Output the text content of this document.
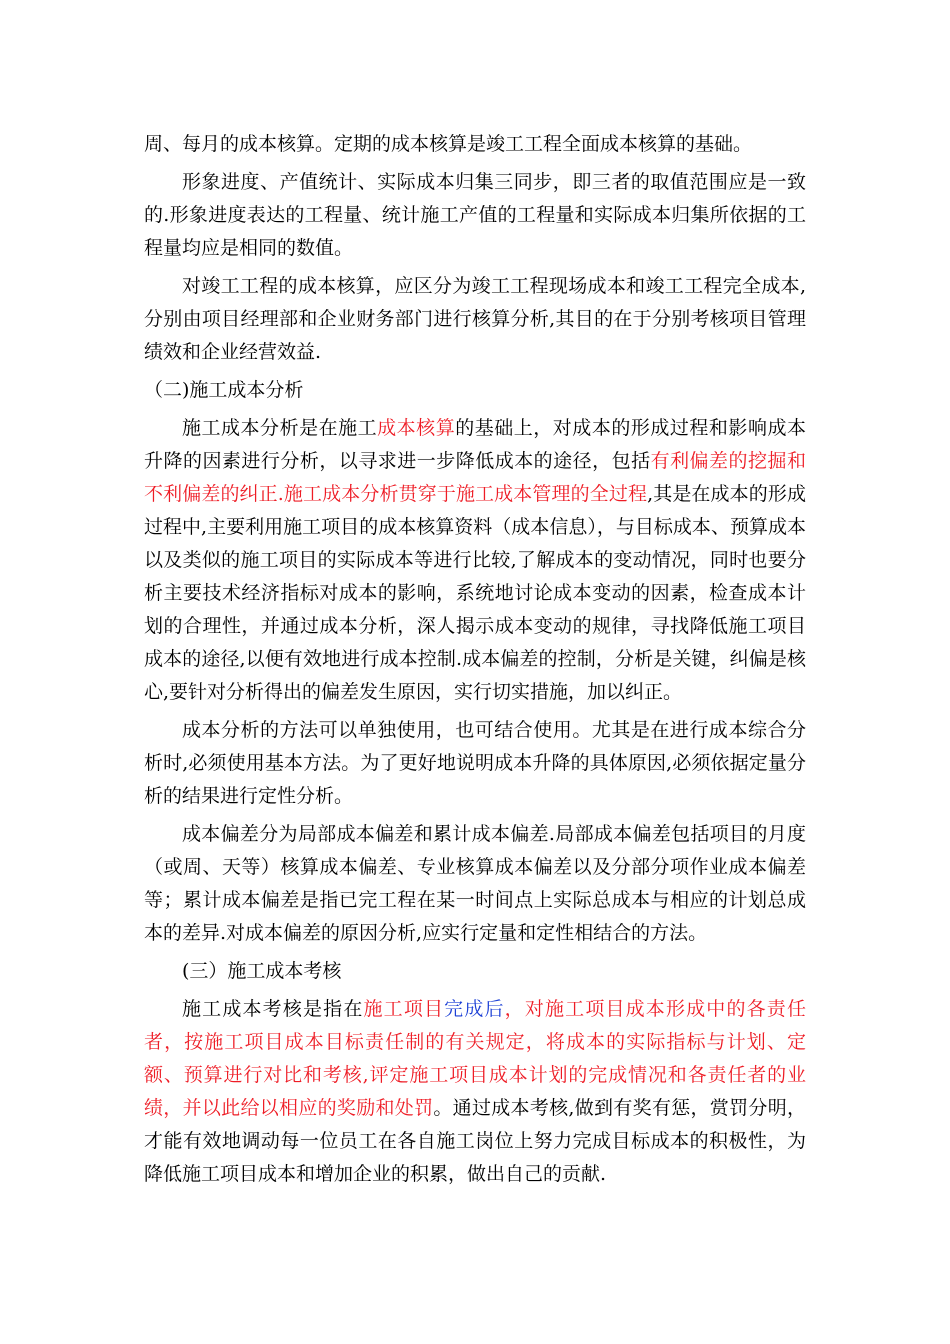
周、每月的成本核算。定期的成本核算是竣工工程全面成本核算的基础。

形象进度、产值统计、实际成本归集三同步，即三者的取值范围应是一致的.形象进度表达的工程量、统计施工产值的工程量和实际成本归集所依据的工程量均应是相同的数值。

对竣工工程的成本核算，应区分为竣工工程现场成本和竣工工程完全成本,分别由项目经理部和企业财务部门进行核算分析,其目的在于分别考核项目管理绩效和企业经营效益.

（二)施工成本分析

施工成本分析是在施工成本核算的基础上，对成本的形成过程和影响成本升降的因素进行分析，以寻求进一步降低成本的途径，包括有利偏差的挖掘和不利偏差的纠正.施工成本分析贯穿于施工成本管理的全过程,其是在成本的形成过程中,主要利用施工项目的成本核算资料（成本信息），与目标成本、预算成本以及类似的施工项目的实际成本等进行比较,了解成本的变动情况，同时也要分析主要技术经济指标对成本的影响，系统地讨论成本变动的因素，检查成本计划的合理性，并通过成本分析，深人揭示成本变动的规律，寻找降低施工项目成本的途径,以便有效地进行成本控制.成本偏差的控制，分析是关键，纠偏是核心,要针对分析得出的偏差发生原因，实行切实措施，加以纠正。

成本分析的方法可以单独使用，也可结合使用。尤其是在进行成本综合分析时,必须使用基本方法。为了更好地说明成本升降的具体原因,必须依据定量分析的结果进行定性分析。

成本偏差分为局部成本偏差和累计成本偏差.局部成本偏差包括项目的月度（或周、天等）核算成本偏差、专业核算成本偏差以及分部分项作业成本偏差等；累计成本偏差是指已完工程在某一时间点上实际总成本与相应的计划总成本的差异.对成本偏差的原因分析,应实行定量和定性相结合的方法。

(三）施工成本考核

施工成本考核是指在施工项目完成后，对施工项目成本形成中的各责任者，按施工项目成本目标责任制的有关规定，将成本的实际指标与计划、定额、预算进行对比和考核,评定施工项目成本计划的完成情况和各责任者的业绩，并以此给以相应的奖励和处罚。通过成本考核,做到有奖有惩，赏罚分明，才能有效地调动每一位员工在各自施工岗位上努力完成目标成本的积极性，为降低施工项目成本和增加企业的积累，做出自己的贡献.
